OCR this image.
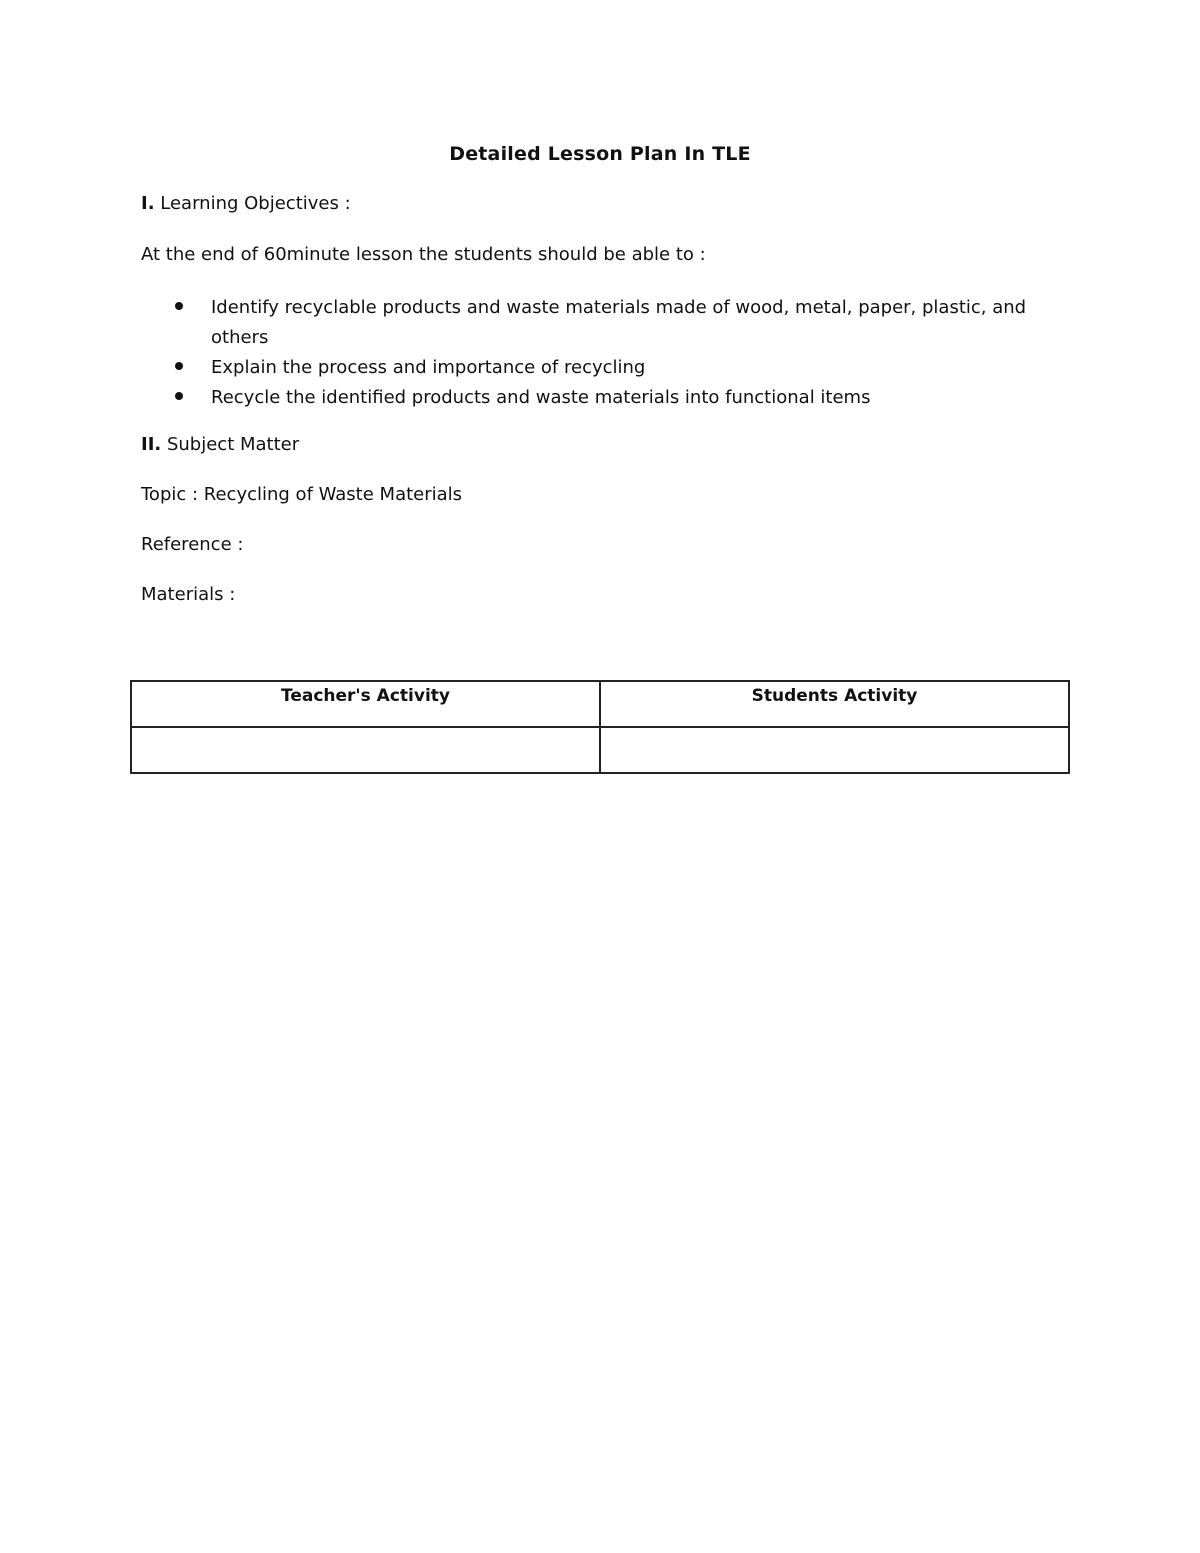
Detailed Lesson Plan In TLE
I. Learning Objectives :
At the end of 60minute lesson the students should be able to :
Identify recyclable products and waste materials made of wood, metal, paper, plastic, and others
Explain the process and importance of recycling
Recycle the identified products and waste materials into functional items
II. Subject Matter
Topic : Recycling of Waste Materials
Reference :
Materials :
Teacher's Activity	Students Activity
